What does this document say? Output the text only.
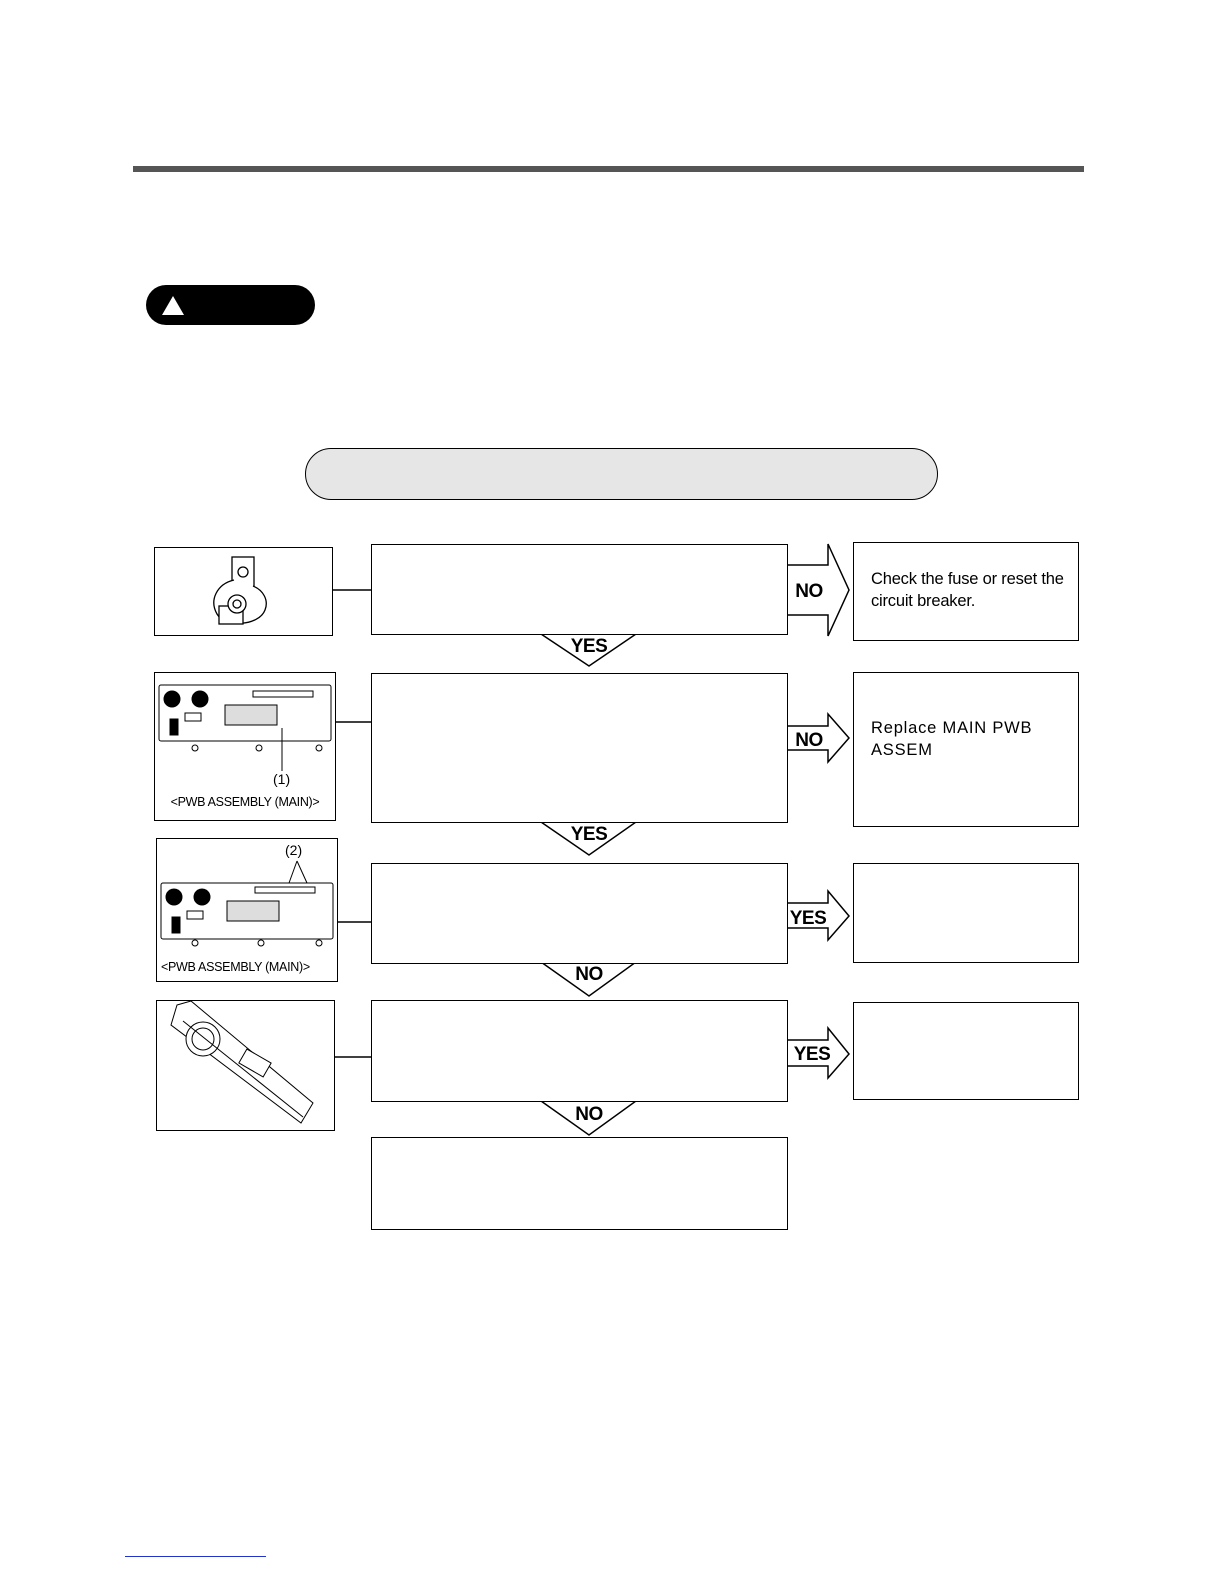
YES
YES
NO
NO
NO
NO
YES
YES
Check the fuse or reset the circuit breaker.
(1)
<PWB ASSEMBLY (MAIN)>
Replace MAIN PWB ASSEM
(2)
<PWB ASSEMBLY (MAIN)>
